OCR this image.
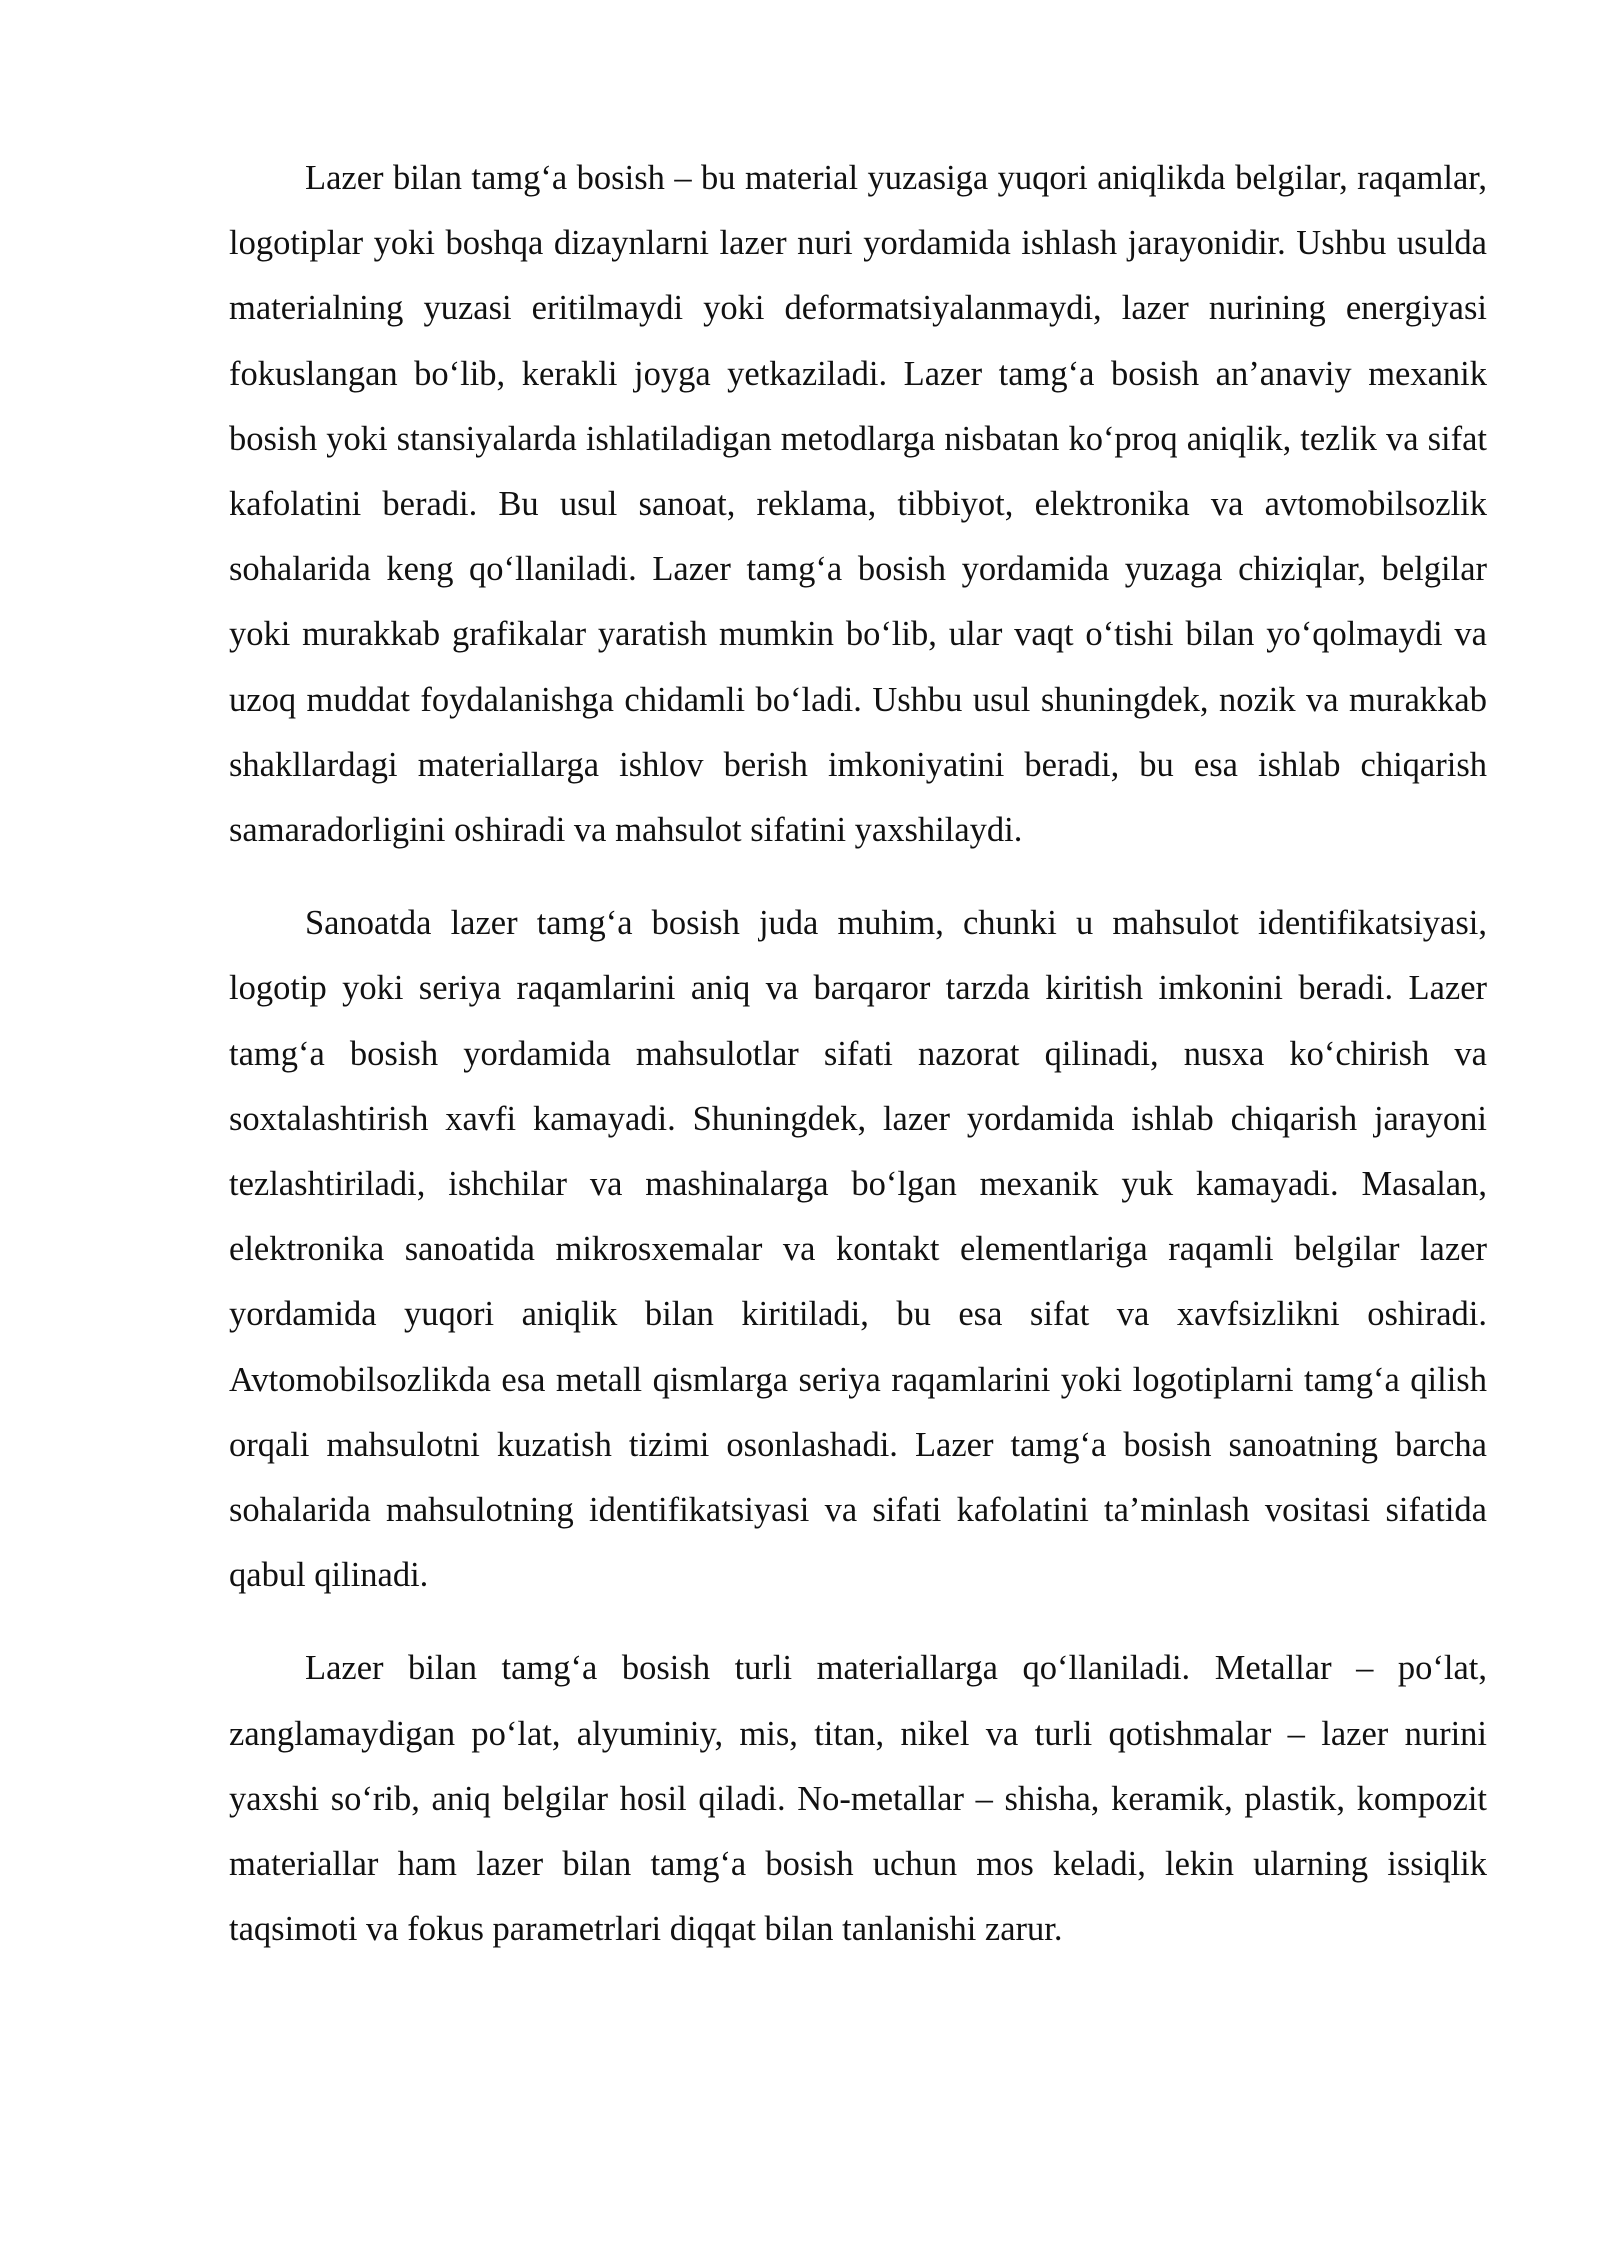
Lazer bilan tamg‘a bosish – bu material yuzasiga yuqori aniqlikda belgilar, raqamlar, logotiplar yoki boshqa dizaynlarni lazer nuri yordamida ishlash jarayonidir. Ushbu usulda materialning yuzasi eritilmaydi yoki deformatsiyalanmaydi, lazer nurining energiyasi fokuslangan bo‘lib, kerakli joyga yetkaziladi. Lazer tamg‘a bosish an’anaviy mexanik bosish yoki stansiyalarda ishlatiladigan metodlarga nisbatan ko‘proq aniqlik, tezlik va sifat kafolatini beradi. Bu usul sanoat, reklama, tibbiyot, elektronika va avtomobilsozlik sohalarida keng qo‘llaniladi. Lazer tamg‘a bosish yordamida yuzaga chiziqlar, belgilar yoki murakkab grafikalar yaratish mumkin bo‘lib, ular vaqt o‘tishi bilan yo‘qolmaydi va uzoq muddat foydalanishga chidamli bo‘ladi. Ushbu usul shuningdek, nozik va murakkab shakllardagi materiallarga ishlov berish imkoniyatini beradi, bu esa ishlab chiqarish samaradorligini oshiradi va mahsulot sifatini yaxshilaydi.

Sanoatda lazer tamg‘a bosish juda muhim, chunki u mahsulot identifikatsiyasi, logotip yoki seriya raqamlarini aniq va barqaror tarzda kiritish imkonini beradi. Lazer tamg‘a bosish yordamida mahsulotlar sifati nazorat qilinadi, nusxa ko‘chirish va soxtalashtirish xavfi kamayadi. Shuningdek, lazer yordamida ishlab chiqarish jarayoni tezlashtiriladi, ishchilar va mashinalarga bo‘lgan mexanik yuk kamayadi. Masalan, elektronika sanoatida mikrosxemalar va kontakt elementlariga raqamli belgilar lazer yordamida yuqori aniqlik bilan kiritiladi, bu esa sifat va xavfsizlikni oshiradi. Avtomobilsozlikda esa metall qismlarga seriya raqamlarini yoki logotiplarni tamg‘a qilish orqali mahsulotni kuzatish tizimi osonlashadi. Lazer tamg‘a bosish sanoatning barcha sohalarida mahsulotning identifikatsiyasi va sifati kafolatini ta’minlash vositasi sifatida qabul qilinadi.

Lazer bilan tamg‘a bosish turli materiallarga qo‘llaniladi. Metallar – po‘lat, zanglamaydigan po‘lat, alyuminiy, mis, titan, nikel va turli qotishmalar – lazer nurini yaxshi so‘rib, aniq belgilar hosil qiladi. No-metallar – shisha, keramik, plastik, kompozit materiallar ham lazer bilan tamg‘a bosish uchun mos keladi, lekin ularning issiqlik taqsimoti va fokus parametrlari diqqat bilan tanlanishi zarur.
